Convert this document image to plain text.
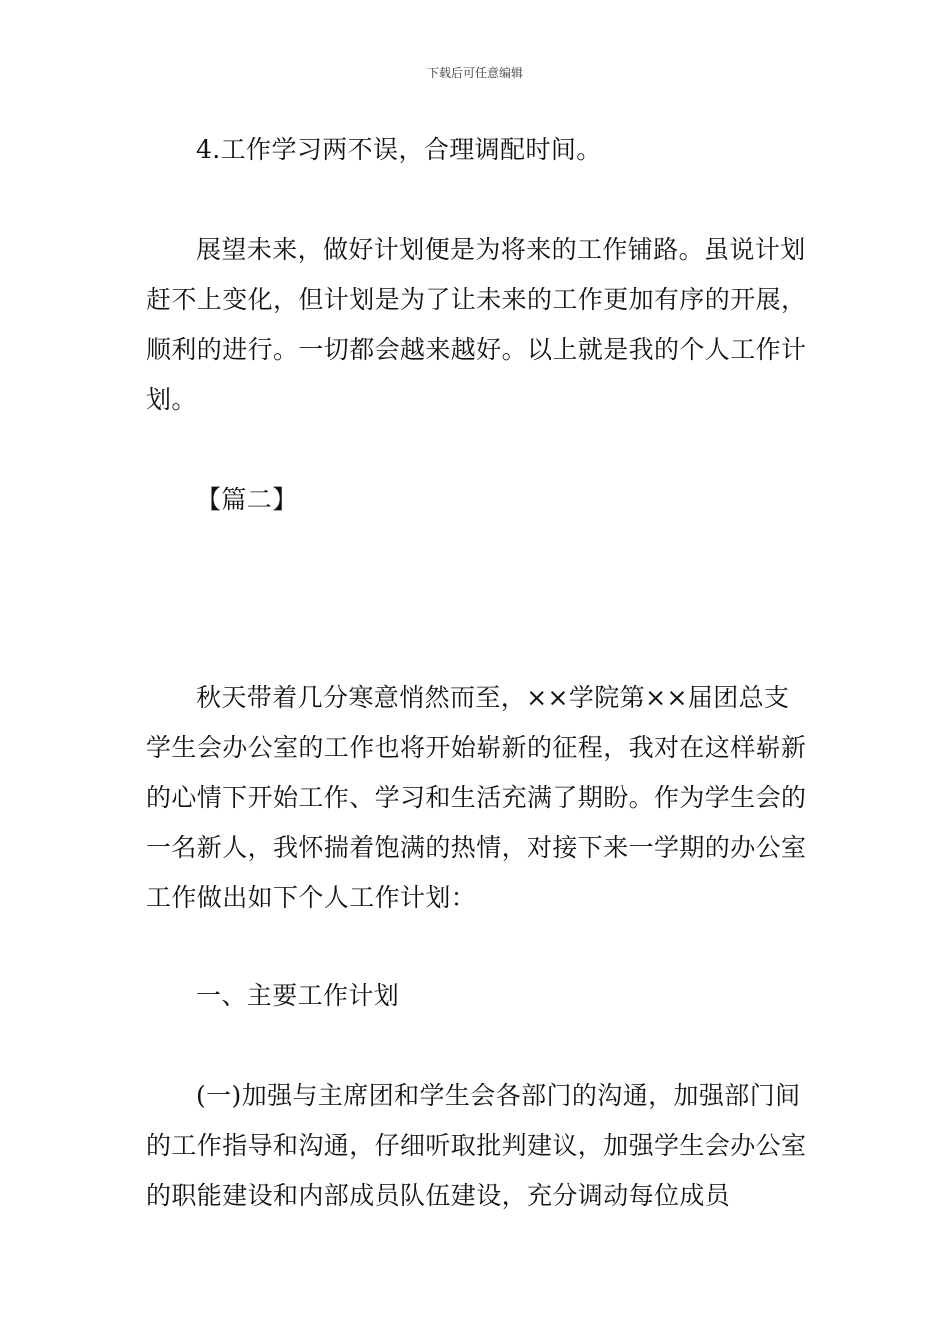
下载后可任意编辑

4.工作学习两不误，合理调配时间。

展望未来，做好计划便是为将来的工作铺路。虽说计划赶不上变化，但计划是为了让未来的工作更加有序的开展，顺利的进行。一切都会越来越好。以上就是我的个人工作计划。

【篇二】

秋天带着几分寒意悄然而至，××学院第××届团总支学生会办公室的工作也将开始崭新的征程，我对在这样崭新的心情下开始工作、学习和生活充满了期盼。作为学生会的一名新人，我怀揣着饱满的热情，对接下来一学期的办公室工作做出如下个人工作计划：

一、主要工作计划

(一)加强与主席团和学生会各部门的沟通，加强部门间的工作指导和沟通，仔细听取批判建议，加强学生会办公室的职能建设和内部成员队伍建设，充分调动每位成员
